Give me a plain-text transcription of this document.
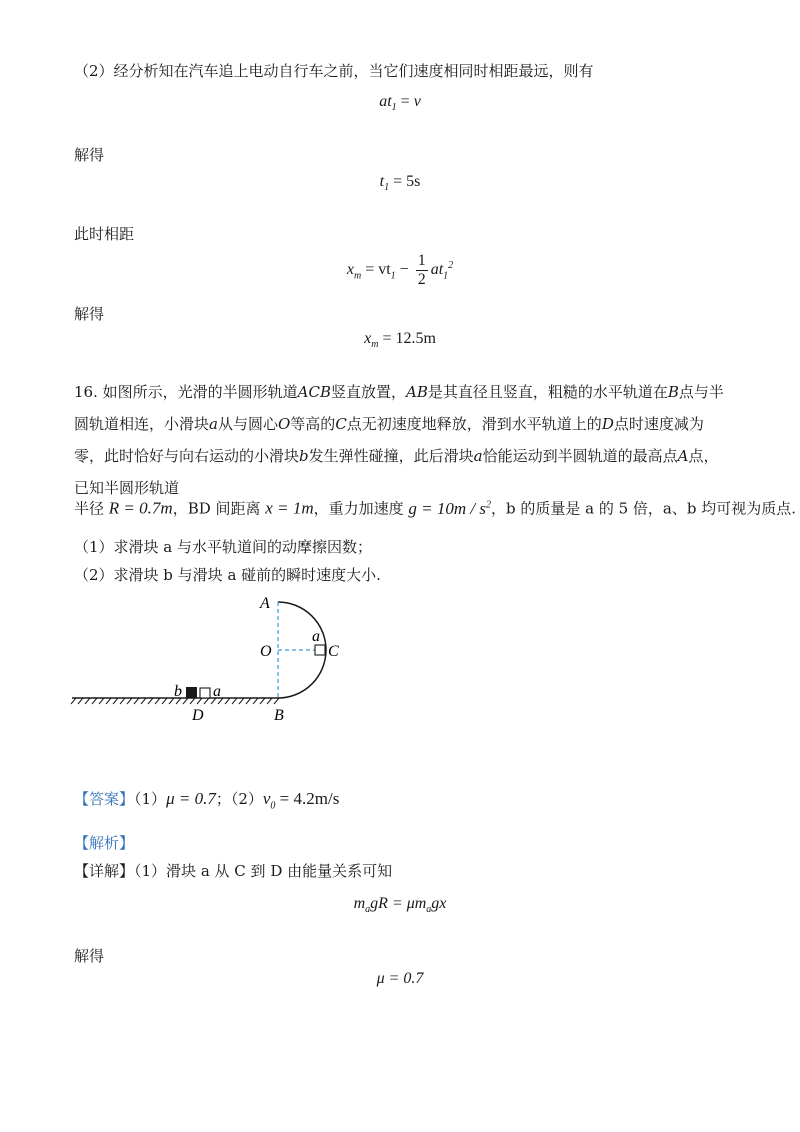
（2）经分析知在汽车追上电动自行车之前，当它们速度相同时相距最远，则有
$at_1 = v$
解得
$t_1 = 5s$
此时相距
$x_m = vt_1 - \frac{1}{2} at_1^2$
解得
$x_m = 12.5m$
16. 如图所示，光滑的半圆形轨道ACB竖直放置，AB是其直径且竖直，粗糙的水平轨道在B点与半圆轨道相连，小滑块a从与圆心O等高的C点无初速度地释放，滑到水平轨道上的D点时速度减为零，此时恰好与向右运动的小滑块b发生弹性碰撞，此后滑块a恰能运动到半圆轨道的最高点A点，已知半圆形轨道
半径 R = 0.7m，BD 间距离 x = 1m，重力加速度 $g = 10m / s^2$，b 的质量是 a 的 5 倍，a、b 均可视为质点.
（1）求滑块 a 与水平轨道间的动摩擦因数；
（2）求滑块 b 与滑块 a 碰前的瞬时速度大小.
A
O
a
C
b a
D	B
【答案】（1）μ = 0.7；$(2)v_0 = 4.2m/s$
【解析】
【详解】（1）滑块 a 从 C 到 D 由能量关系可知
$m_agR = \mu m_agx$
解得
μ = 0.7
